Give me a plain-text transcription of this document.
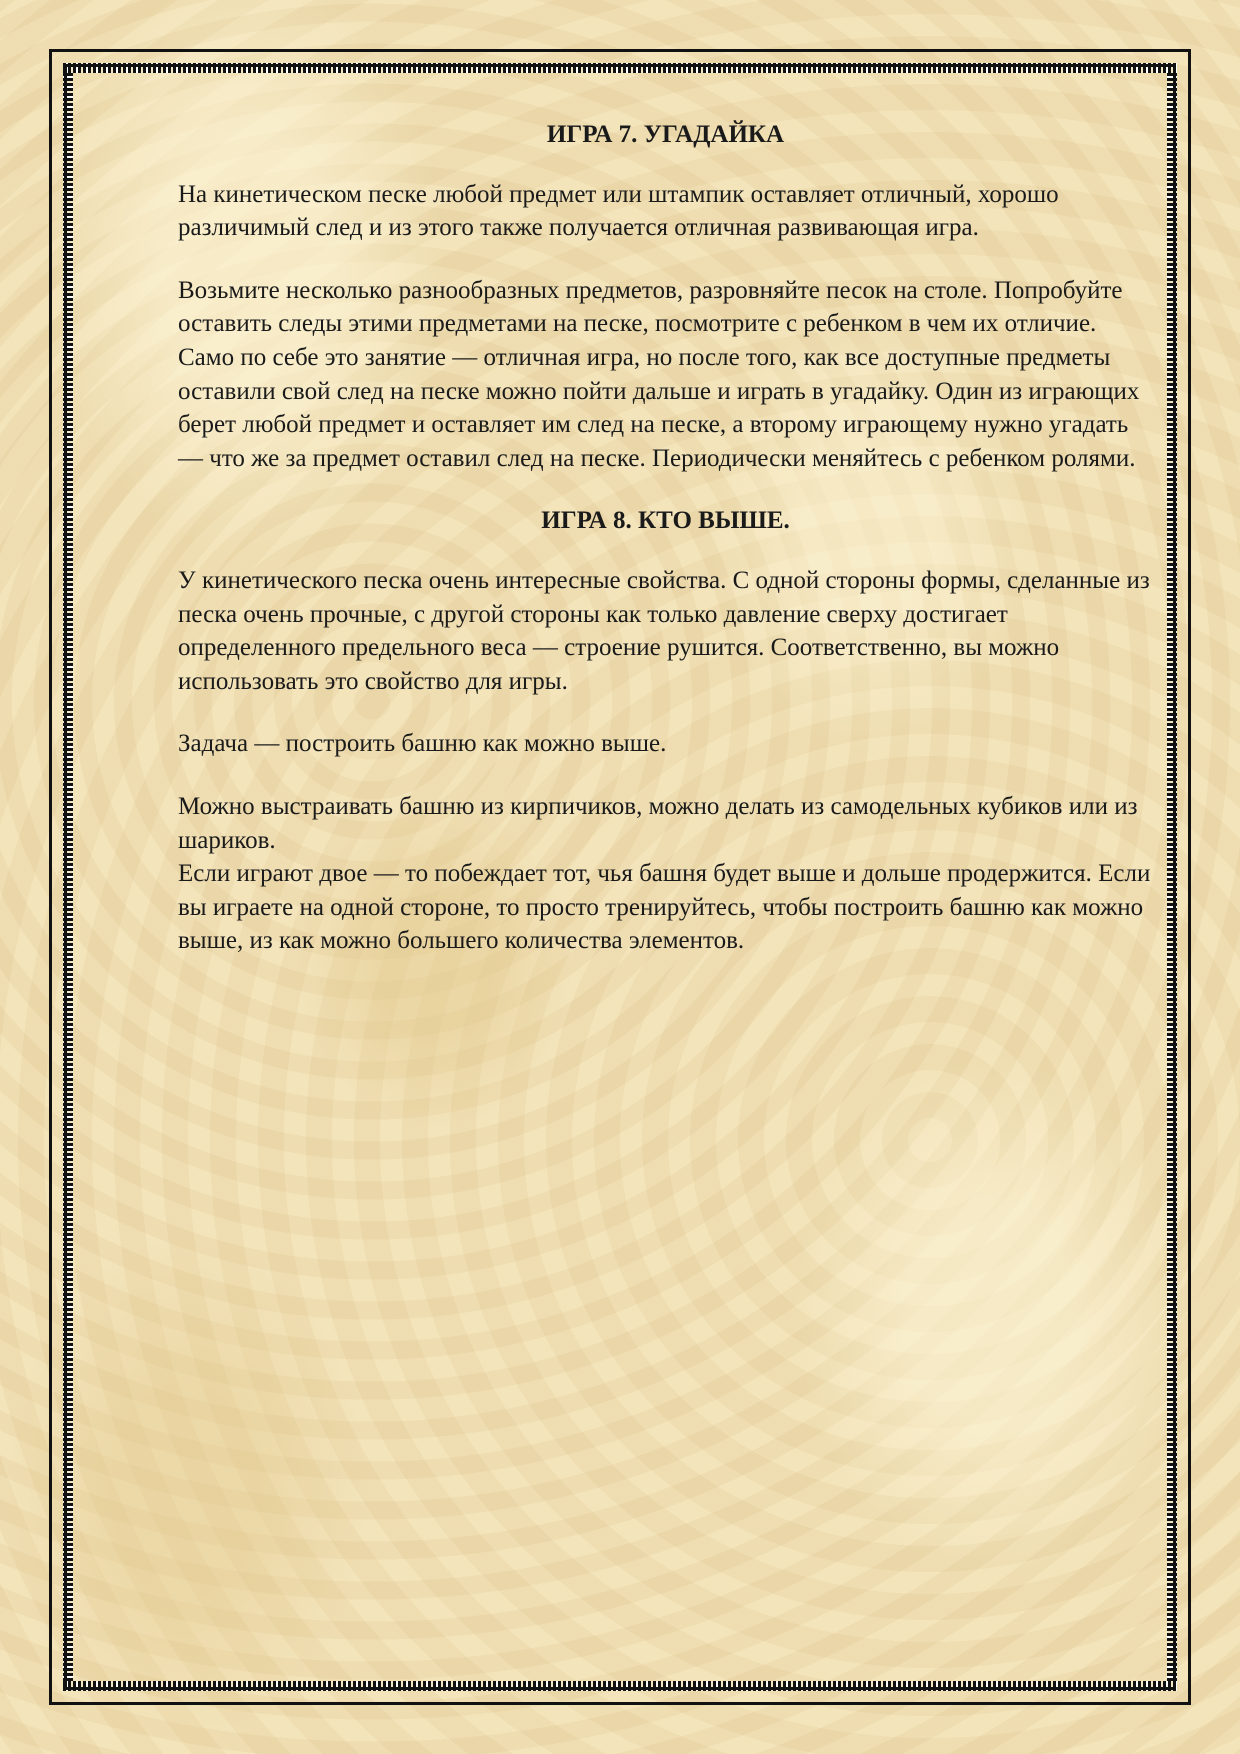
ИГРА 7. УГАДАЙКА

На кинетическом песке любой предмет или штампик оставляет отличный, хорошо различимый след и из этого также получается отличная развивающая игра.

Возьмите несколько разнообразных предметов, разровняйте песок на столе. Попробуйте оставить следы этими предметами на песке, посмотрите с ребенком в чем их отличие. Само по себе это занятие — отличная игра, но после того, как все доступные предметы оставили свой след на песке можно пойти дальше и играть в угадайку. Один из играющих берет любой предмет и оставляет им след на песке, а второму играющему нужно угадать — что же за предмет оставил след на песке. Периодически меняйтесь с ребенком ролями.

ИГРА 8. КТО ВЫШЕ.

У кинетического песка очень интересные свойства. С одной стороны формы, сделанные из песка очень прочные, с другой стороны как только давление сверху достигает определенного предельного веса — строение рушится. Соответственно, вы можно использовать это свойство для игры.

Задача — построить башню как можно выше.

Можно выстраивать башню из кирпичиков, можно делать из самодельных кубиков или из шариков.

Если играют двое — то побеждает тот, чья башня будет выше и дольше продержится. Если вы играете на одной стороне, то просто тренируйтесь, чтобы построить башню как можно выше, из как можно большего количества элементов.
